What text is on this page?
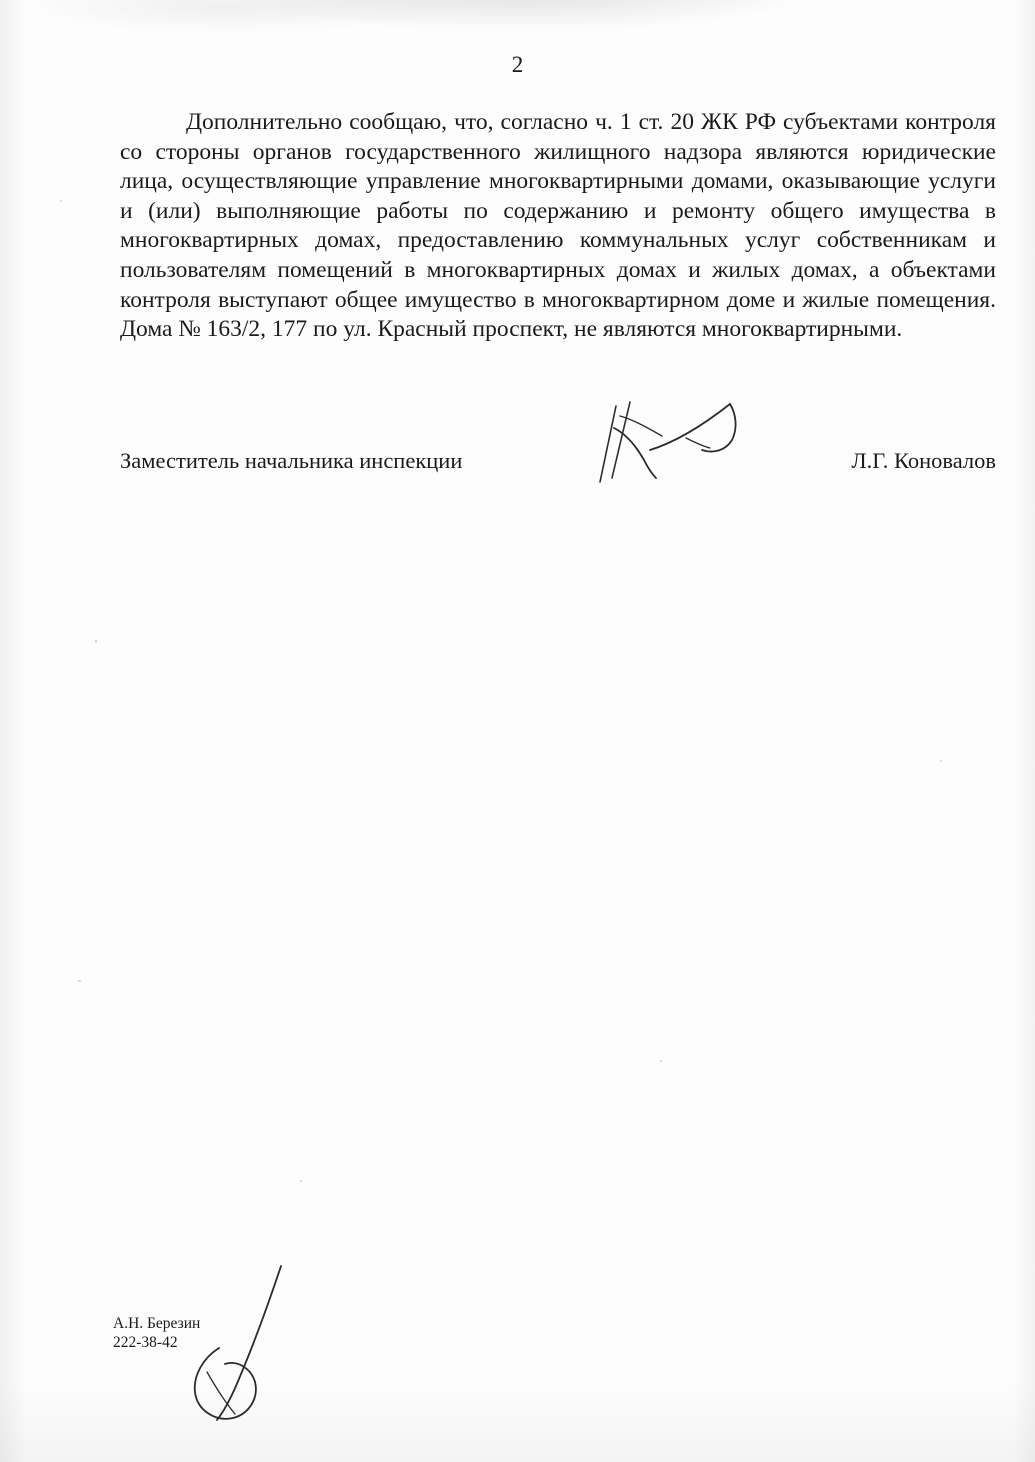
2
Дополнительно сообщаю, что, согласно ч. 1 ст. 20 ЖК РФ субъектами контроля со стороны органов государственного жилищного надзора являются юридические лица, осуществляющие управление многоквартирными домами, оказывающие услуги и (или) выполняющие работы по содержанию и ремонту общего имущества в многоквартирных домах, предоставлению коммунальных услуг собственникам и пользователям помещений в многоквартирных домах и жилых домах, а объектами контроля выступают общее имущество в многоквартирном доме и жилые помещения. Дома № 163/2, 177 по ул. Красный проспект, не являются многоквартирными.
Заместитель начальника инспекции	Л.Г. Коновалов
А.Н. Березин
222-38-42
